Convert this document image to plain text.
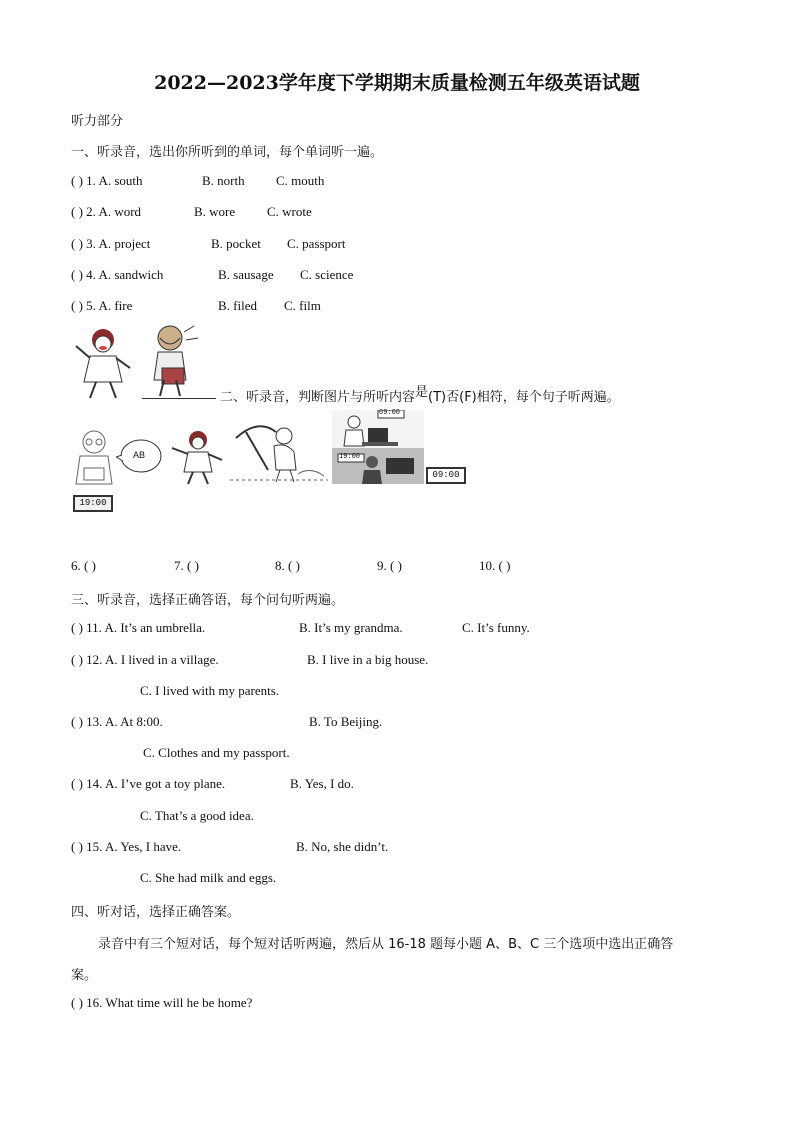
2022—2023学年度下学期期末质量检测五年级英语试题
听力部分
一、听录音，选出你所听到的单词，每个单词听一遍。
( ) 1. A. south	B. north C. mouth
( ) 2. A. word	B. wore C. wrote
( ) 3. A. project	B. pocket C. passport
( ) 4. A. sandwich	B. sausage C. science
( ) 5. A. fire	B. filed C. film
二、听录音，判断图片与所听内容是(T)否(F)相符，每个句子听两遍。
AB
09:00
19:00
09:00
19:00
6. ( )	7. ( )	8. ( )	9. ( )	10. ( )
三、听录音，选择正确答语，每个问句听两遍。
( ) 11. A. It’s an umbrella.	B. It’s my grandma.	C. It’s funny.
( ) 12. A. I lived in a village.	B. I live in a big house.
C. I lived with my parents.
( ) 13. A. At 8:00.	B. To Beijing.
C. Clothes and my passport.
( ) 14. A. I’ve got a toy plane.	B. Yes, I do.
C. That’s a good idea.
( ) 15. A. Yes, I have.	B. No, she didn’t.
C. She had milk and eggs.
四、听对话，选择正确答案。
录音中有三个短对话，每个短对话听两遍，然后从 16-18 题每小题 A、B、C 三个选项中选出正确答
案。
( ) 16. What time will he be home?
